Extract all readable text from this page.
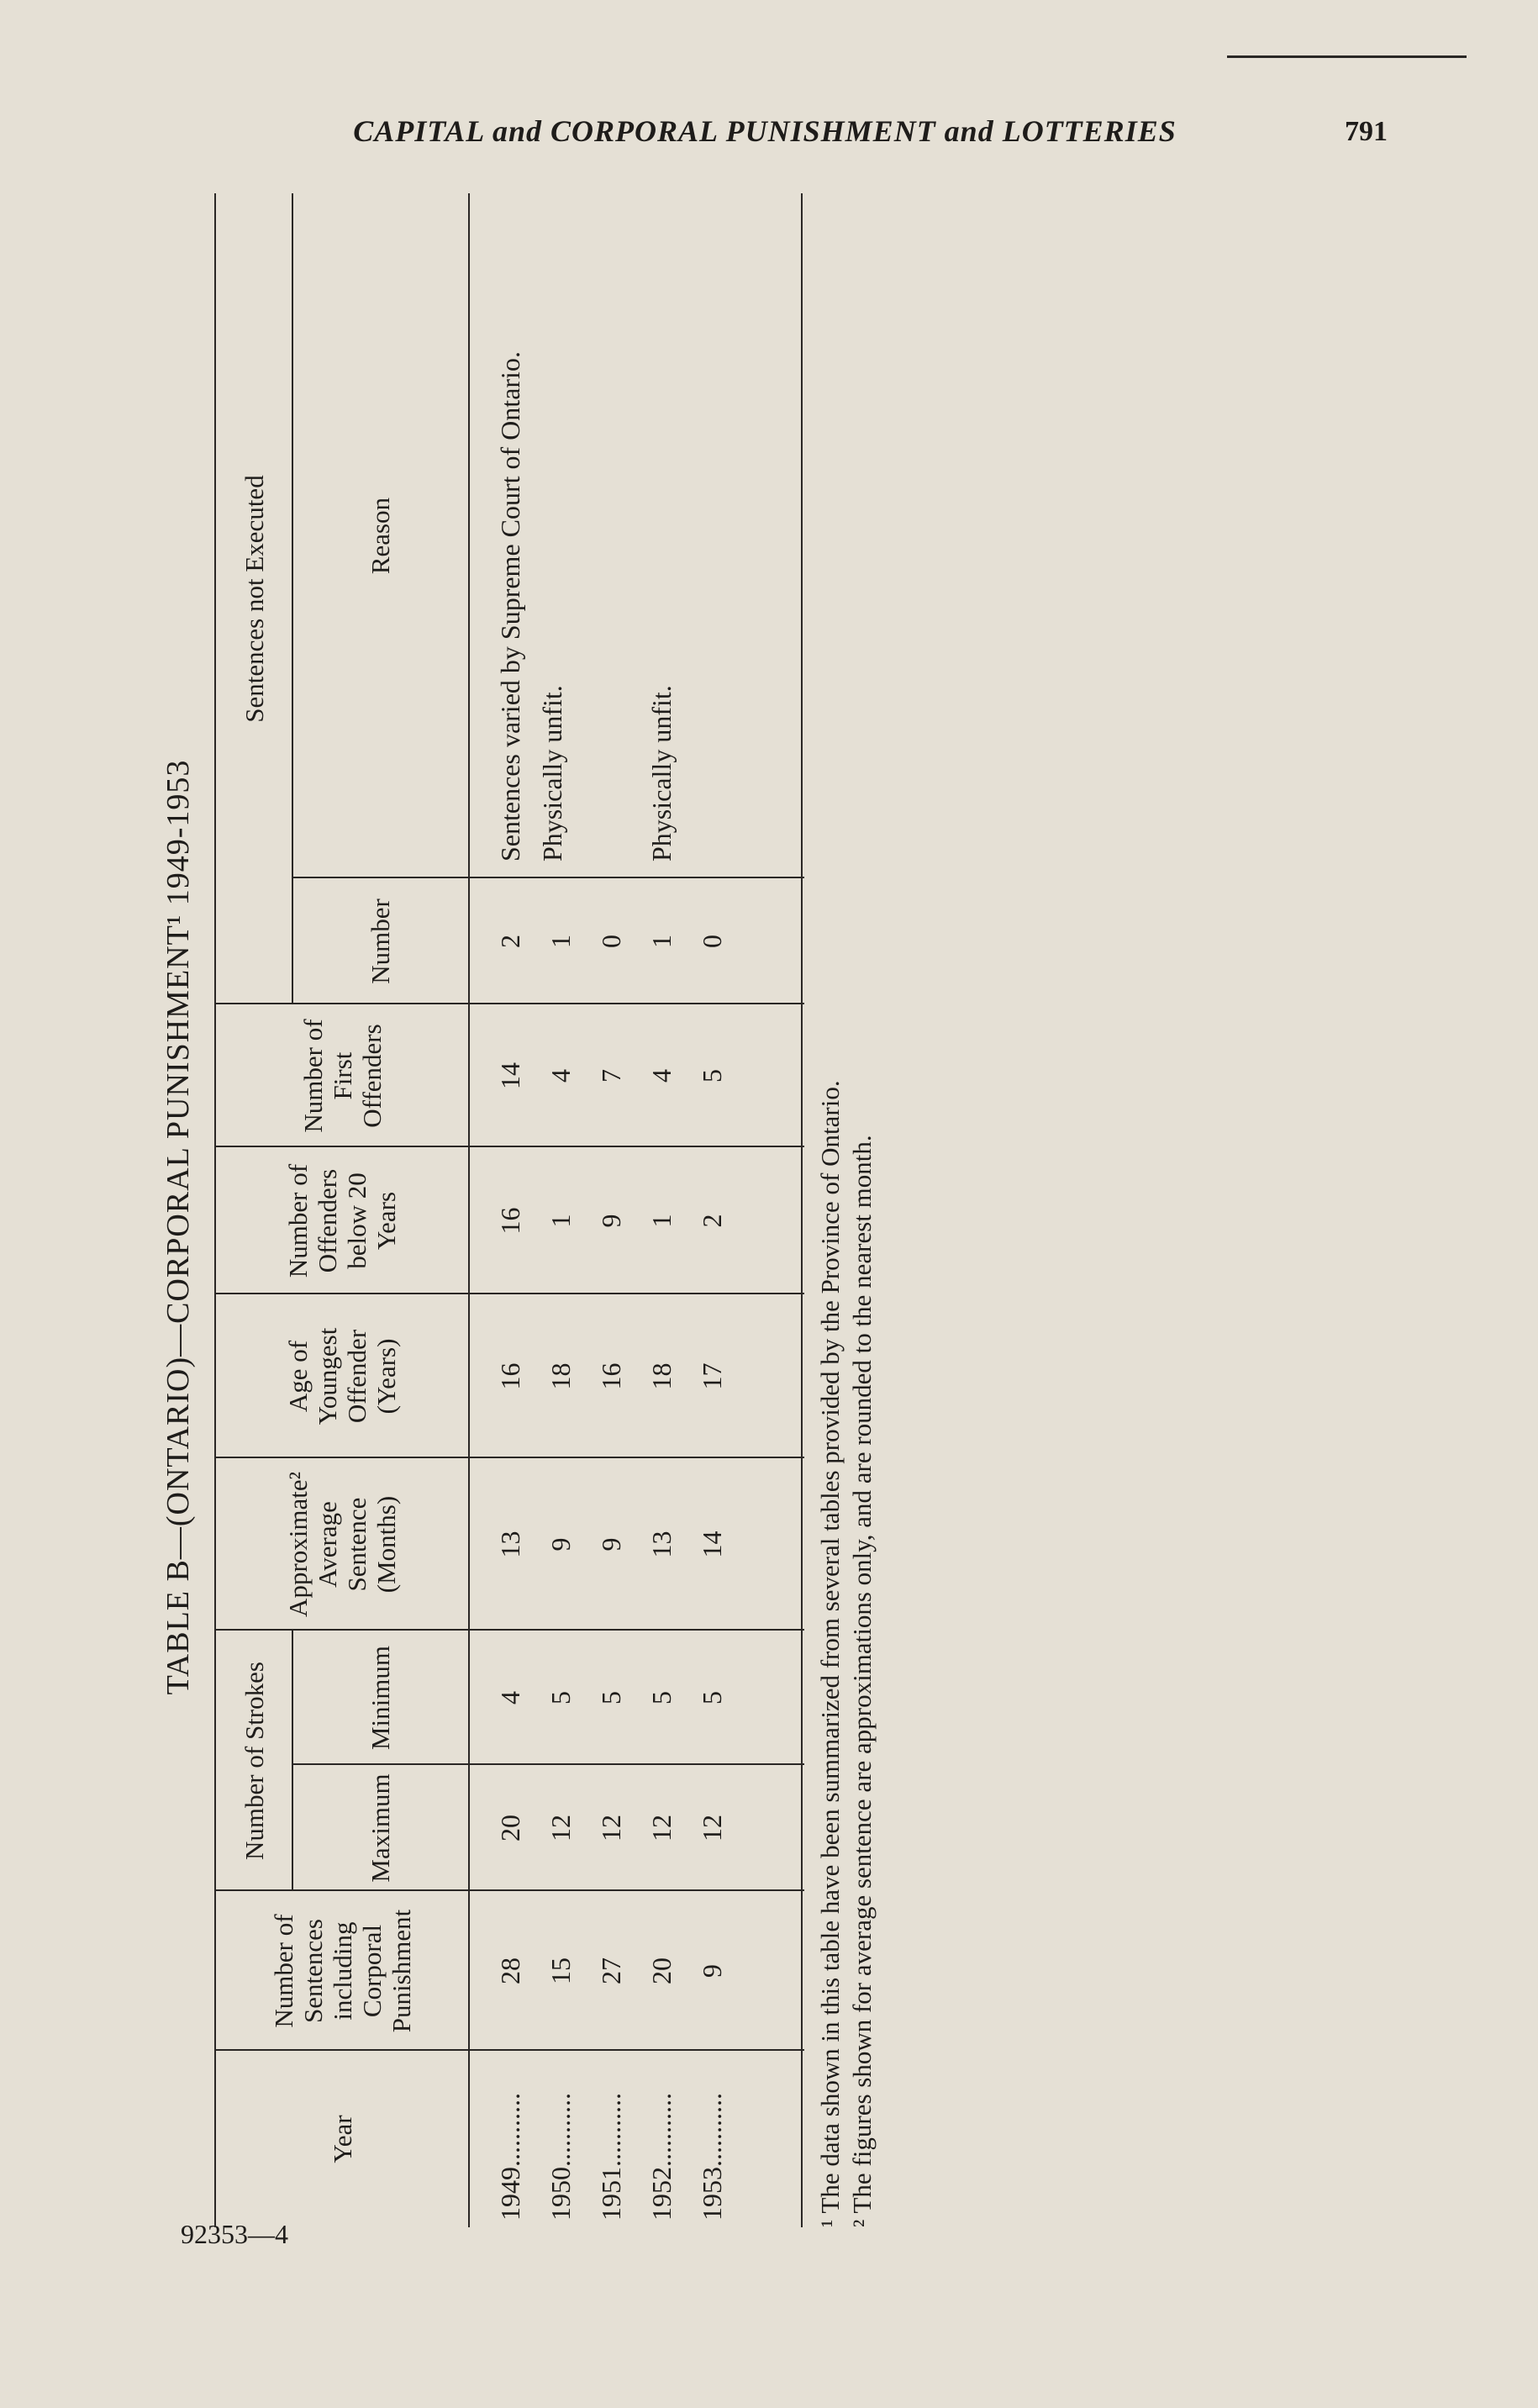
CAPITAL and CORPORAL PUNISHMENT and LOTTERIES	791
92353—4
TABLE B—(ONTARIO)—CORPORAL PUNISHMENT¹ 1949-1953
Year
Number of Sentences including Corporal Punishment
Number of Strokes	Maximum
Minimum
Approximate² Average Sentence (Months)
Age of Youngest Offender (Years)
Number of Offenders below 20 Years
Number of First Offenders
Sentences not Executed
Number
Reason
1949...........
28
20
4
13
16
16
14
2
Sentences varied by Supreme Court of Ontario. Physically unfit.
1950...........
15
12
5
9
18
1
4
1
1951...........
27
12
5
9
16
9
7
0
1952...........
20
12
5
13
18
1
4
1
Physically unfit.
1953...........
9
12
5
14
17
2
5
0
¹ The data shown in this table have been summarized from several tables provided by the Province of Ontario. ² The figures shown for average sentence are approximations only, and are rounded to the nearest month.
